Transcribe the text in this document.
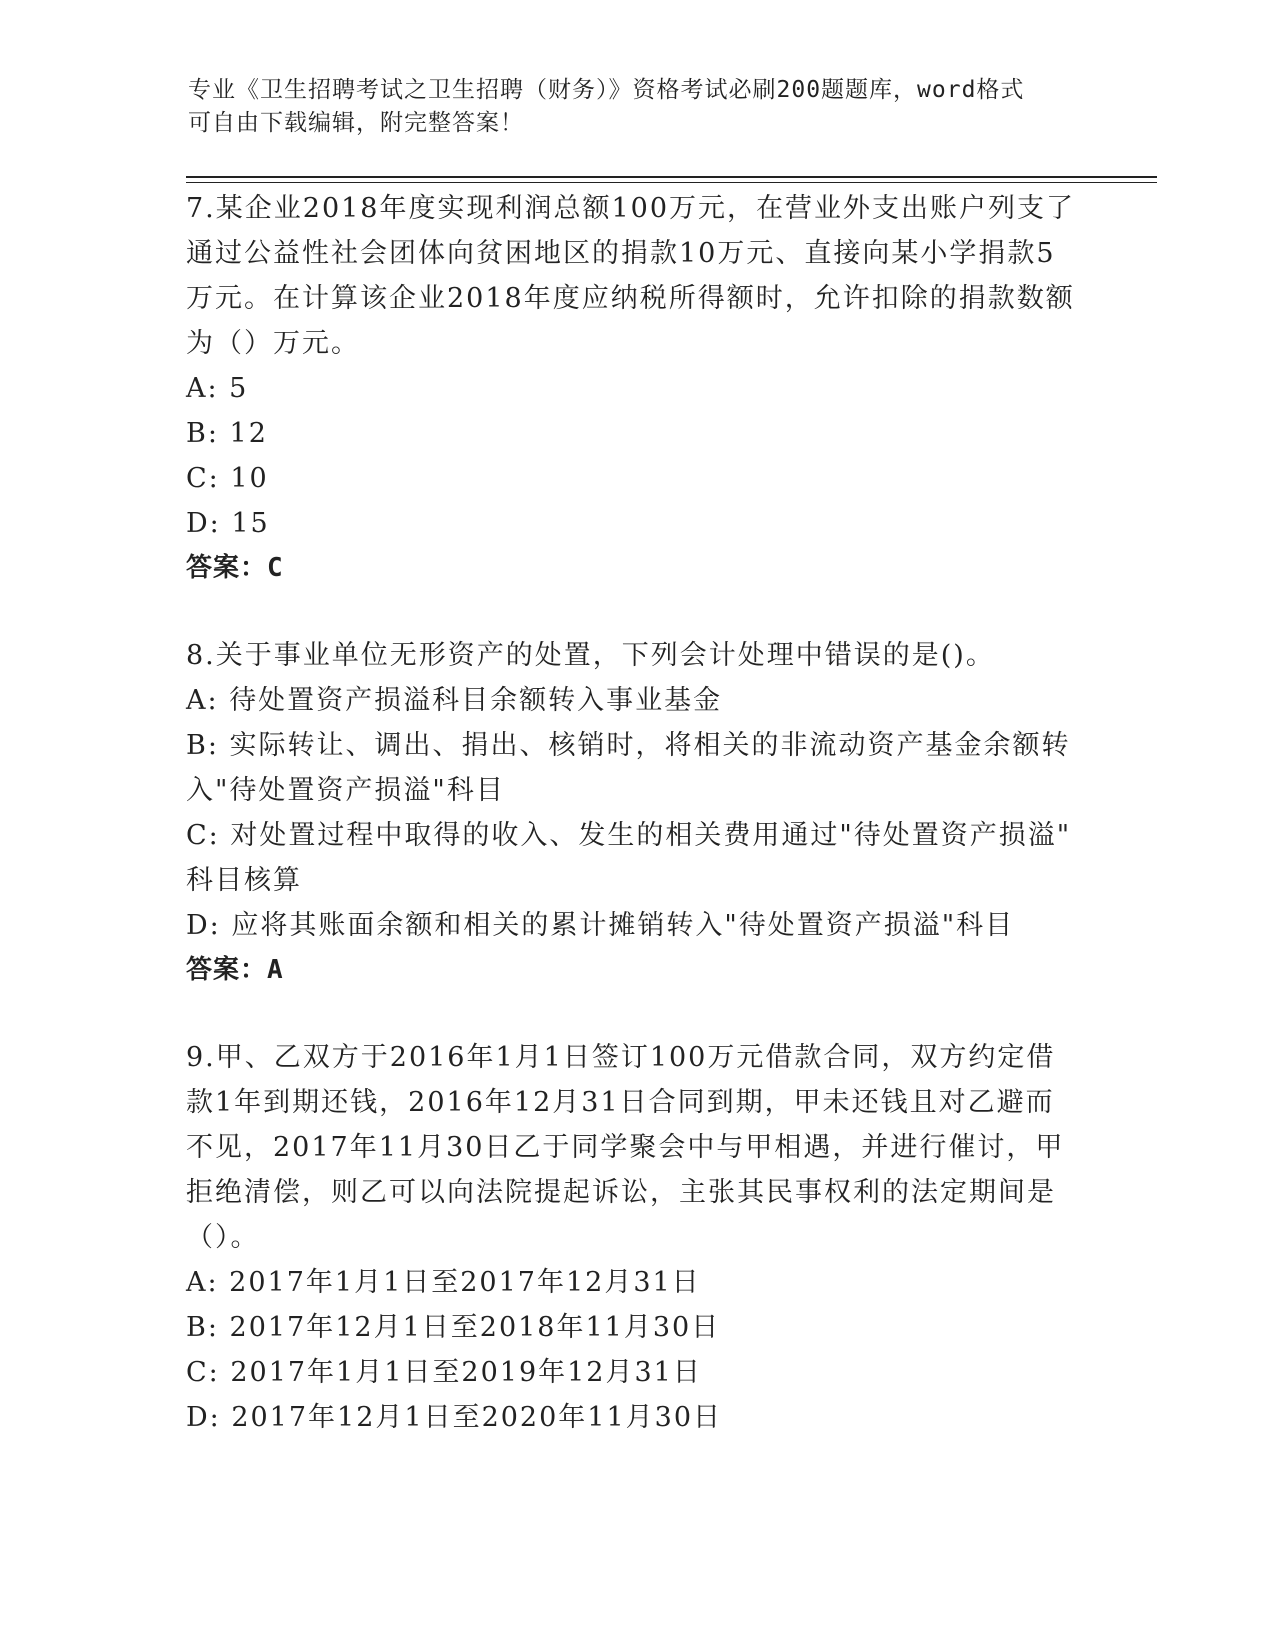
专业《卫生招聘考试之卫生招聘（财务）》资格考试必刷200题题库，word格式
可自由下载编辑，附完整答案！
7.某企业2018年度实现利润总额100万元，在营业外支出账户列支了
通过公益性社会团体向贫困地区的捐款10万元、直接向某小学捐款5
万元。在计算该企业2018年度应纳税所得额时，允许扣除的捐款数额
为（）万元。
A: 5
B: 12
C: 10
D: 15
答案：C
8.关于事业单位无形资产的处置，下列会计处理中错误的是()。
A: 待处置资产损溢科目余额转入事业基金
B: 实际转让、调出、捐出、核销时，将相关的非流动资产基金余额转
入"待处置资产损溢"科目
C: 对处置过程中取得的收入、发生的相关费用通过"待处置资产损溢"
科目核算
D: 应将其账面余额和相关的累计摊销转入"待处置资产损溢"科目
答案：A
9.甲、乙双方于2016年1月1日签订100万元借款合同，双方约定借
款1年到期还钱，2016年12月31日合同到期，甲未还钱且对乙避而
不见，2017年11月30日乙于同学聚会中与甲相遇，并进行催讨，甲
拒绝清偿，则乙可以向法院提起诉讼，主张其民事权利的法定期间是
（）。
A: 2017年1月1日至2017年12月31日
B: 2017年12月1日至2018年11月30日
C: 2017年1月1日至2019年12月31日
D: 2017年12月1日至2020年11月30日
